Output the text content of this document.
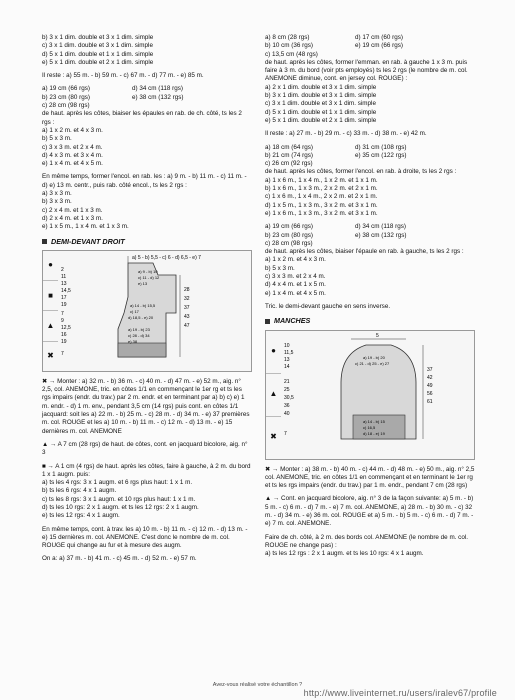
b) 3 x 1 dim. double et 3 x 1 dim. simple
c) 3 x 1 dim. double et 3 x 1 dim. simple
d) 5 x 1 dim. double et 1 x 1 dim. simple
e) 5 x 1 dim. double et 2 x 1 dim. simple
Il reste : a) 55 m. - b) 59 m. - c) 67 m. - d) 77 m. - e) 85 m.
a) 19 cm (66 rgs)	d) 34 cm (118 rgs)
b) 23 cm (80 rgs)	e) 38 cm (132 rgs)
c) 28 cm (98 rgs)
de haut. après les côtes, biaiser les épaules en rab. de ch. côté, ts les 2 rgs :
a) 1 x 2 m. et 4 x 3 m.
b) 5 x 3 m.
c) 3 x 3 m. et 2 x 4 m.
d) 4 x 3 m. et 3 x 4 m.
e) 1 x 4 m. et 4 x 5 m.
En même temps, former l'encol. en rab. les : a) 9 m. - b) 11 m. - c) 11 m. - d) e) 13 m. centr., puis rab. côté encol., ts les 2 rgs :
a) 3 x 3 m.
b) 3 x 3 m.
c) 2 x 4 m. et 1 x 3 m.
d) 2 x 4 m. et 1 x 3 m.
e) 1 x 5 m., 1 x 4 m. et 1 x 3 m.
DEMI-DEVANT DROIT
●
■
▲
✖
a) 5 - b) 5,5 - c) 6 - d) 6,5 - e) 7
2
11
13
14,5
17
19
7
9
12,5
16
19
7
28
32
37
43
47
a) 9 - b) 10
c) 11 - d) 12
e) 13
a) 14 - b) 15,5
c) 17
d) 18,5 - e) 20
a) 19 - b) 23
c) 28 - d) 34
e) 38
✖ → Monter : a) 32 m. - b) 36 m. - c) 40 m. - d) 47 m. - e) 52 m., aig. n° 2,5, col. ANEMONE, tric. en côtes 1/1 en commençant le 1er rg et ts les rgs impairs (endr. du trav.) par 2 m. endr. et en terminant par a) b) c) e) 1 m. endr. - d) 1 m. env., pendant 3,5 cm (14 rgs) puis cont. en côtes 1/1 jacquard: soit les a) 22 m. - b) 25 m. - c) 28 m. - d) 34 m. - e) 37 premières m. col. ROUGE et les a) 10 m. - b) 11 m. - c) 12 m. - d) 13 m. - e) 15 dernières m. col. ANEMONE
▲ → A 7 cm (28 rgs) de haut. de côtes, cont. en jacquard bicolore, aig. n° 3
■ → A 1 cm (4 rgs) de haut. après les côtes, faire à gauche, à 2 m. du bord 1 x 1 augm. puis:
a) ts les 4 rgs: 3 x 1 augm. et 6 rgs plus haut: 1 x 1 m.
b) ts les 6 rgs: 4 x 1 augm.
c) ts les 8 rgs: 3 x 1 augm. et 10 rgs plus haut: 1 x 1 m.
d) ts les 10 rgs: 2 x 1 augm. et ts les 12 rgs: 2 x 1 augm.
e) ts les 12 rgs: 4 x 1 augm.
En même temps, cont. à trav. les a) 10 m. - b) 11 m. - c) 12 m. - d) 13 m. - e) 15 dernières m. col. ANEMONE. C'est donc le nombre de m. col. ROUGE qui change au fur et à mesure des augm.
On a: a) 37 m. - b) 41 m. - c) 45 m. - d) 52 m. - e) 57 m.
a) 8 cm (28 rgs)	d) 17 cm (60 rgs)
b) 10 cm (36 rgs)	e) 19 cm (66 rgs)
c) 13,5 cm (48 rgs)
de haut. après les côtes, former l'emman. en rab. à gauche 1 x 3 m. puis faire à 3 m. du bord (voir pts employés) ts les 2 rgs (le nombre de m. col. ANEMONE diminue, cont. en jersey col. ROUGE) :
a) 2 x 1 dim. double et 3 x 1 dim. simple
b) 3 x 1 dim. double et 3 x 1 dim. simple
c) 3 x 1 dim. double et 3 x 1 dim. simple
d) 5 x 1 dim. double et 1 x 1 dim. simple
e) 5 x 1 dim. double et 2 x 1 dim. simple
Il reste : a) 27 m. - b) 29 m. - c) 33 m. - d) 38 m. - e) 42 m.
a) 18 cm (64 rgs)	d) 31 cm (108 rgs)
b) 21 cm (74 rgs)	e) 35 cm (122 rgs)
c) 26 cm (92 rgs)
de haut. après les côtes, former l'encol. en rab. à droite, ts les 2 rgs :
a) 1 x 6 m., 1 x 4 m., 1 x 2 m. et 1 x 1 m.
b) 1 x 6 m., 1 x 3 m., 2 x 2 m. et 2 x 1 m.
c) 1 x 6 m., 1 x 4 m., 2 x 2 m. et 2 x 1 m.
d) 1 x 5 m., 1 x 3 m., 3 x 2 m. et 3 x 1 m.
e) 1 x 6 m., 1 x 3 m., 3 x 2 m. et 3 x 1 m.
a) 19 cm (66 rgs)	d) 34 cm (118 rgs)
b) 23 cm (80 rgs)	e) 38 cm (132 rgs)
c) 28 cm (98 rgs)
de haut. après les côtes, biaiser l'épaule en rab. à gauche, ts les 2 rgs :
a) 1 x 2 m. et 4 x 3 m.
b) 5 x 3 m.
c) 3 x 3 m. et 2 x 4 m.
d) 4 x 4 m. et 1 x 5 m.
e) 1 x 4 m. et 4 x 5 m.
Tric. le demi-devant gauche en sens inverse.
MANCHES
●
▲
✖
5
10
11,5
13
14
21
25
30,5
36
40
7
37
42
49
56
61
a) 19 - b) 20
c) 21 - d) 25 - e) 27
a) 14 - b) 15
c) 16,5
d) 18 - e) 19
✖ → Monter : a) 38 m. - b) 40 m. - c) 44 m. - d) 48 m. - e) 50 m., aig. n° 2,5 col. ANEMONE, tric. en côtes 1/1 en commençant et en terminant le 1er rg et ts les rgs impairs (endr. du trav.) par 1 m. endr., pendant 7 cm (28 rgs)
▲ → Cont. en jacquard bicolore, aig. n° 3 de la façon suivante: a) 5 m. - b) 5 m. - c) 6 m. - d) 7 m. - e) 7 m. col. ANEMONE, a) 28 m. - b) 30 m. - c) 32 m. - d) 34 m. - e) 36 m. col. ROUGE et a) 5 m. - b) 5 m. - c) 6 m. - d) 7 m. - e) 7 m. col. ANEMONE.
Faire de ch. côté, à 2 m. des bords col. ANEMONE (le nombre de m. col. ROUGE ne change pas) :
a) ts les 12 rgs : 2 x 1 augm. et ts les 10 rgs: 4 x 1 augm.
Avez-vous réalisé votre échantillon ?
http://www.liveinternet.ru/users/iralev67/profile
